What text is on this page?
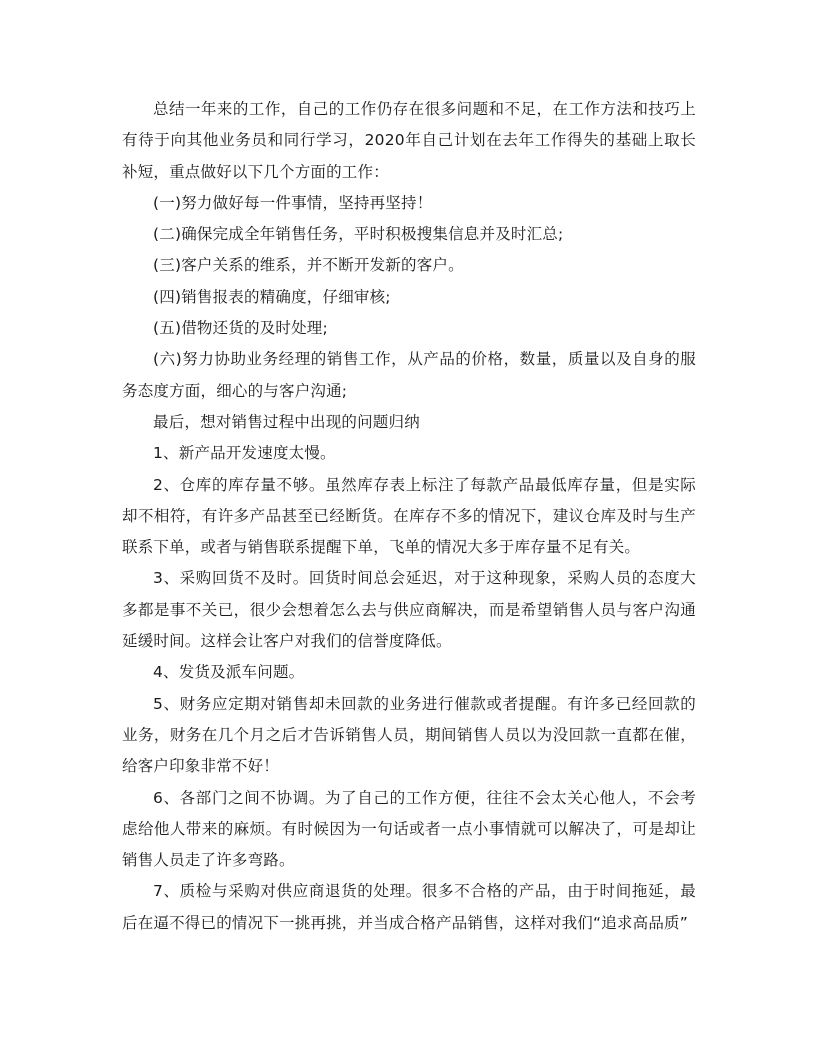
总结一年来的工作，自己的工作仍存在很多问题和不足，在工作方法和技巧上有待于向其他业务员和同行学习，2020年自己计划在去年工作得失的基础上取长补短，重点做好以下几个方面的工作：

(一)努力做好每一件事情，坚持再坚持！

(二)确保完成全年销售任务，平时积极搜集信息并及时汇总;

(三)客户关系的维系，并不断开发新的客户。

(四)销售报表的精确度，仔细审核;

(五)借物还货的及时处理;

(六)努力协助业务经理的销售工作，从产品的价格，数量，质量以及自身的服务态度方面，细心的与客户沟通;

最后，想对销售过程中出现的问题归纳

1、新产品开发速度太慢。

2、仓库的库存量不够。虽然库存表上标注了每款产品最低库存量，但是实际却不相符，有许多产品甚至已经断货。在库存不多的情况下，建议仓库及时与生产联系下单，或者与销售联系提醒下单，飞单的情况大多于库存量不足有关。

3、采购回货不及时。回货时间总会延迟，对于这种现象，采购人员的态度大多都是事不关已，很少会想着怎么去与供应商解决，而是希望销售人员与客户沟通延缓时间。这样会让客户对我们的信誉度降低。

4、发货及派车问题。

5、财务应定期对销售却未回款的业务进行催款或者提醒。有许多已经回款的业务，财务在几个月之后才告诉销售人员，期间销售人员以为没回款一直都在催，给客户印象非常不好！

6、各部门之间不协调。为了自己的工作方便，往往不会太关心他人，不会考虑给他人带来的麻烦。有时候因为一句话或者一点小事情就可以解决了，可是却让销售人员走了许多弯路。

7、质检与采购对供应商退货的处理。很多不合格的产品，由于时间拖延，最后在逼不得已的情况下一挑再挑，并当成合格产品销售，这样对我们“追求高品质”
